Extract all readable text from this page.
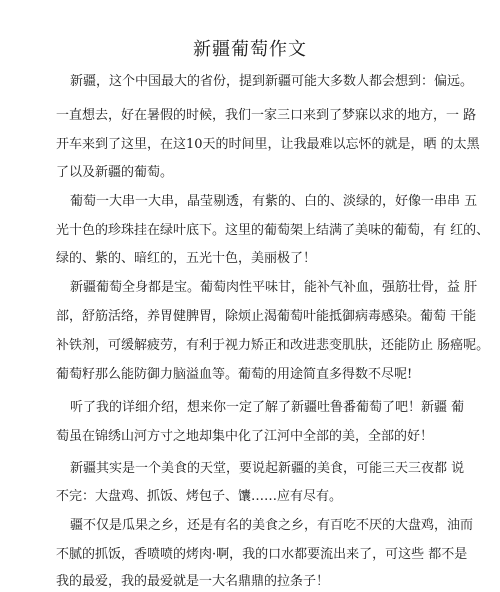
新疆葡萄作文
新疆，这个中国最大的省份，提到新疆可能大多数人都会想到：偏远。
一直想去，好在暑假的时候，我们一家三口来到了梦寐以求的地方，一 路
开车来到了这里，在这10天的时间里，让我最难以忘怀的就是，晒 的太黑
了以及新疆的葡萄。
葡萄一大串一大串，晶莹剔透，有紫的、白的、淡绿的，好像一串串 五
光十色的珍珠挂在绿叶底下。这里的葡萄架上结满了美味的葡萄，有 红的、
绿的、紫的、暗红的，五光十色，美丽极了！
新疆葡萄全身都是宝。葡萄肉性平味甘，能补气补血，强筋壮骨，益 肝
部，舒筋活络，养胃健脾胃，除烦止渴葡萄叶能抵御病毒感染。葡萄 干能
补铁剂，可缓解疲劳，有利于视力矫正和改进悲变肌肤，还能防止 肠癌呢。
葡萄籽那么能防御力脑溢血等。葡萄的用途简直多得数不尽呢!
听了我的详细介绍，想来你一定了解了新疆吐鲁番葡萄了吧！新疆 葡
萄虽在锦绣山河方寸之地却集中化了江河中全部的美，全部的好！
新疆其实是一个美食的天堂，要说起新疆的美食，可能三天三夜都 说
不完：大盘鸡、抓饭、烤包子、馕……应有尽有。
疆不仅是瓜果之乡，还是有名的美食之乡，有百吃不厌的大盘鸡，油而
不腻的抓饭，香喷喷的烤肉·啊，我的口水都要流出来了，可这些 都不是
我的最爱，我的最爱就是一大名鼎鼎的拉条子！
